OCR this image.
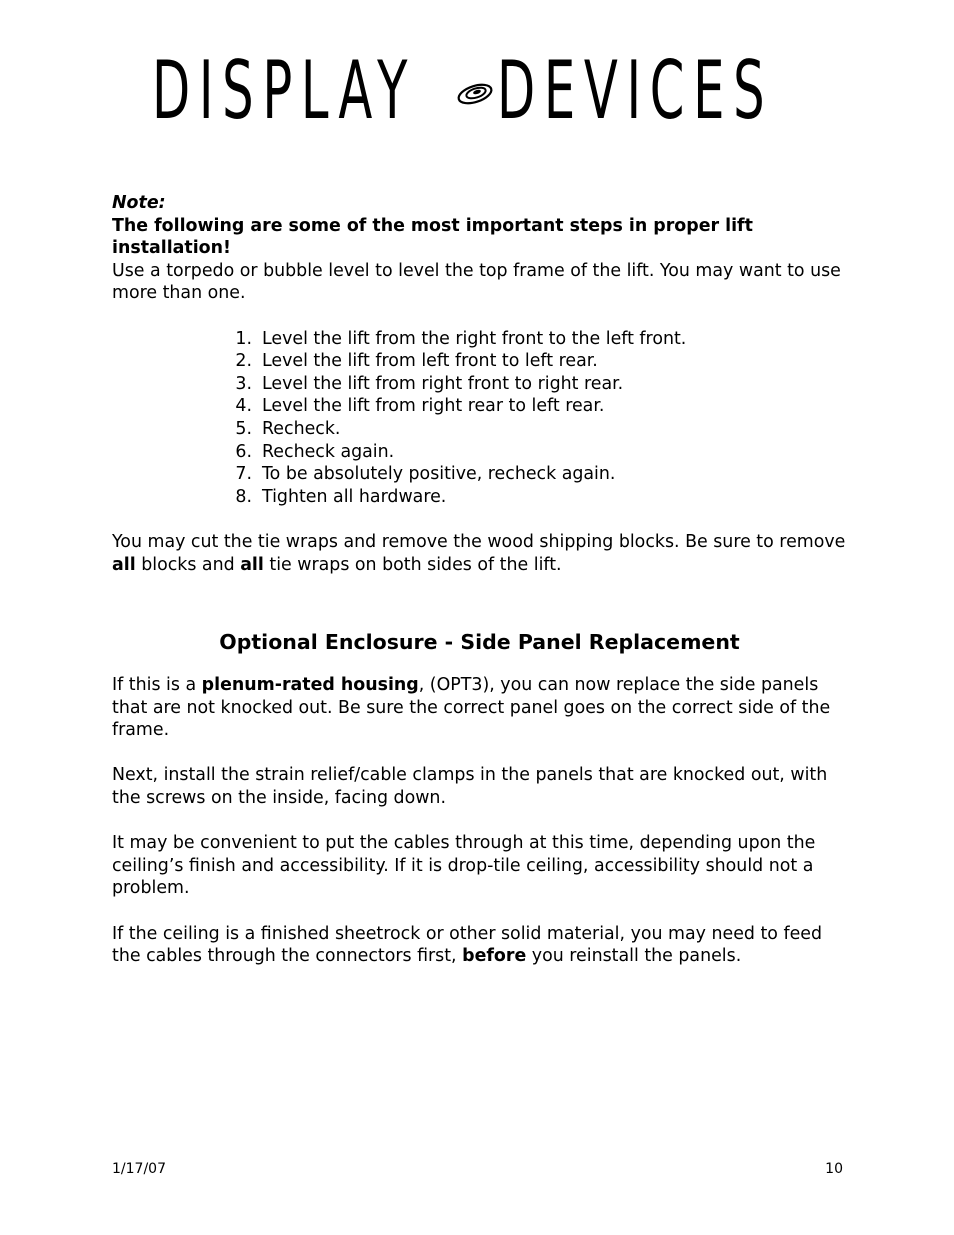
DISPLAY DEVICES

Note:

The following are some of the most important steps in proper lift installation!

Use a torpedo or bubble level to level the top frame of the lift. You may want to use more than one.

1. Level the lift from the right front to the left front.
2. Level the lift from left front to left rear.
3. Level the lift from right front to right rear.
4. Level the lift from right rear to left rear.
5. Recheck.
6. Recheck again.
7. To be absolutely positive, recheck again.
8. Tighten all hardware.

You may cut the tie wraps and remove the wood shipping blocks. Be sure to remove all blocks and all tie wraps on both sides of the lift.

Optional Enclosure - Side Panel Replacement

If this is a plenum-rated housing, (OPT3), you can now replace the side panels that are not knocked out. Be sure the correct panel goes on the correct side of the frame.

Next, install the strain relief/cable clamps in the panels that are knocked out, with the screws on the inside, facing down.

It may be convenient to put the cables through at this time, depending upon the ceiling’s finish and accessibility. If it is drop-tile ceiling, accessibility should not a problem.

If the ceiling is a finished sheetrock or other solid material, you may need to feed the cables through the connectors first, before you reinstall the panels.

1/17/07	10
